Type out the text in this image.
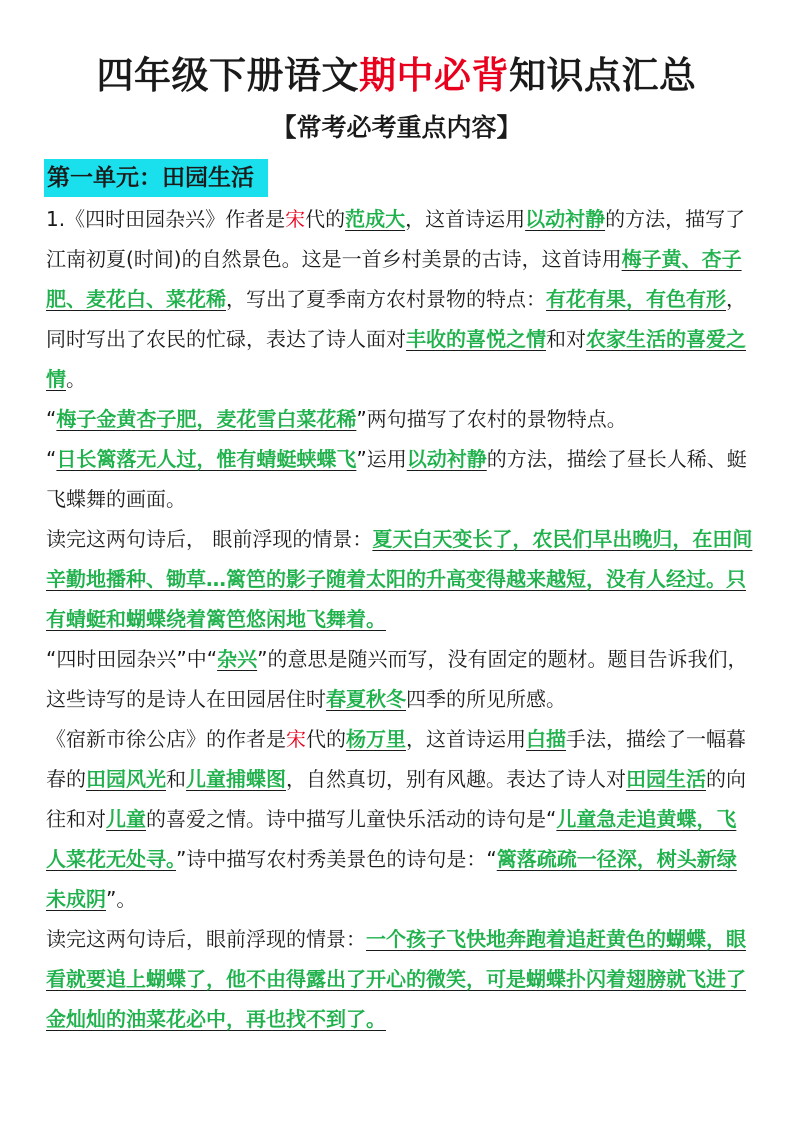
四年级下册语文期中必背知识点汇总
【常考必考重点内容】
第一单元：田园生活

1.《四时田园杂兴》作者是宋代的范成大，这首诗运用以动衬静的方法，描写了江南初夏(时间)的自然景色。这是一首乡村美景的古诗，这首诗用梅子黄、杏子肥、麦花白、菜花稀，写出了夏季南方农村景物的特点：有花有果，有色有形，同时写出了农民的忙碌，表达了诗人面对丰收的喜悦之情和对农家生活的喜爱之情。

“梅子金黄杏子肥，麦花雪白菜花稀”两句描写了农村的景物特点。

“日长篱落无人过，惟有蜻蜓蛱蝶飞”运用以动衬静的方法，描绘了昼长人稀、蜓飞蝶舞的画面。

读完这两句诗后， 眼前浮现的情景：夏天白天变长了，农民们早出晚归，在田间辛勤地播种、锄草…篱笆的影子随着太阳的升高变得越来越短，没有人经过。只有蜻蜓和蝴蝶绕着篱笆悠闲地飞舞着。

“四时田园杂兴”中“杂兴”的意思是随兴而写，没有固定的题材。题目告诉我们，这些诗写的是诗人在田园居住时春夏秋冬四季的所见所感。

《宿新市徐公店》的作者是宋代的杨万里，这首诗运用白描手法，描绘了一幅暮春的田园风光和儿童捕蝶图，自然真切，别有风趣。表达了诗人对田园生活的向往和对儿童的喜爱之情。诗中描写儿童快乐活动的诗句是“儿童急走追黄蝶，飞人菜花无处寻。”诗中描写农村秀美景色的诗句是：“篱落疏疏一径深，树头新绿未成阴”。

读完这两句诗后，眼前浮现的情景：一个孩子飞快地奔跑着追赶黄色的蝴蝶，眼看就要追上蝴蝶了，他不由得露出了开心的微笑，可是蝴蝶扑闪着翅膀就飞进了金灿灿的油菜花必中，再也找不到了。
